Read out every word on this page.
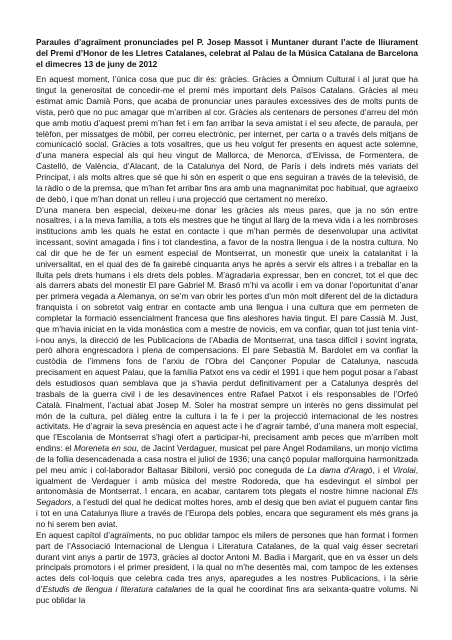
Paraules d’agraïment pronunciades pel P. Josep Massot i Muntaner durant l’acte de lliurament del Premi d’Honor de les Lletres Catalanes, celebrat al Palau de la Música Catalana de Barcelona el dimecres 13 de juny de 2012

En aquest moment, l’única cosa que puc dir és: gràcies. Gràcies a Òmnium Cultural i al jurat que ha tingut la generositat de concedir-me el premi més important dels Països Catalans. Gràcies al meu estimat amic Damià Pons, que acaba de pronunciar unes paraules excessives des de molts punts de vista, però que no puc amagar que m’arriben al cor. Gràcies als centenars de persones d’arreu del món que amb motiu d’aquest premi m’han fet i em fan arribar la seva amistat i el seu afecte, de paraula, per telèfon, per missatges de mòbil, per correu electrònic, per internet, per carta o a través dels mitjans de comunicació social. Gràcies a tots vosaltres, que us heu volgut fer presents en aquest acte solemne, d’una manera especial als qui heu vingut de Mallorca, de Menorca, d’Eivissa, de Formentera, de Castelló, de València, d’Alacant, de la Catalunya del Nord, de París i dels indrets més variats del Principat, i als molts altres que sé que hi són en esperit o que ens seguiran a través de la televisió, de la ràdio o de la premsa, que m’han fet arribar fins ara amb una magnanimitat poc habitual, que agraeixo de debò, i que m’han donat un relleu i una projecció que certament no mereixo.

D’una manera ben especial, deixeu-me donar les gràcies als meus pares, que ja no són entre nosaltres, i a la meva família, a tots els mestres que he tingut al llarg de la meva vida i a les nombroses institucions amb les quals he estat en contacte i que m’han permès de desenvolupar una activitat incessant, sovint amagada i fins i tot clandestina, a favor de la nostra llengua i de la nostra cultura. No cal dir que he de fer un esment especial de Montserrat, un monestir que uneix la catalanitat i la universalitat, en el qual des de fa gairebé cinquanta anys he après a servir els altres i a treballar en la lluita pels drets humans i els drets dels pobles. M’agradaria expressar, ben en concret, tot el que dec als darrers abats del monestir El pare Gabriel M. Brasó m’hi va acollir i em va donar l’oportunitat d’anar per primera vegada a Alemanya, on se’m van obrir les portes d’un món molt diferent del de la dictadura franquista i on sobretot vaig entrar en contacte amb una llengua i una cultura que em permeten de completar la formació essencialment francesa que fins aleshores havia tingut. El pare Cassià M. Just, que m’havia iniciat en la vida monàstica com a mestre de novicis, em va confiar, quan tot just tenia vint-i-nou anys, la direcció de les Publicacions de l’Abadia de Montserrat, una tasca difícil i sovint ingrata, però alhora engrescadora i plena de compensacions. El pare Sebastià M. Bardolet em va confiar la custòdia de l’immens fons de l’arxiu de l’Obra del Cançoner Popular de Catalunya, nascuda precisament en aquest Palau, que la família Patxot ens va cedir el 1991 i que hem pogut posar a l’abast dels estudiosos quan semblava que ja s’havia perdut definitivament per a Catalunya després del trasbals de la guerra civil i de les desavinences entre Rafael Patxot i els responsables de l’Orfeó Català. Finalment, l’actual abat Josep M. Soler ha mostrat sempre un interès no gens dissimulat pel món de la cultura, pel diàleg entre la cultura i la fe i per la projecció internacional de les nostres activitats. He d’agrair la seva presència en aquest acte i he d’agrair també, d’una manera molt especial, que l’Escolania de Montserrat s’hagi ofert a participar-hi, precisament amb peces que m’arriben molt endins: el Moreneta en sou, de Jacint Verdaguer, musicat pel pare Àngel Rodamilans, un monjo víctima de la follia desencadenada a casa nostra el juliol de 1936; una cançó popular mallorquina harmonitzada pel meu amic i col·laborador Baltasar Bibiloni, versió poc coneguda de La dama d’Aragó, i el Virolai, igualment de Verdaguer i amb música del mestre Rodoreda, que ha esdevingut el símbol per antonomàsia de Montserrat. I encara, en acabar, cantarem tots plegats el nostre himne nacional Els Segadors, a l’estudi del qual he dedicat moltes hores, amb el desig que ben aviat el puguem cantar fins i tot en una Catalunya lliure a través de l’Europa dels pobles, encara que segurament els més grans ja no hi serem ben aviat.

En aquest capítol d’agraïments, no puc oblidar tampoc els milers de persones que han format i formen part de l’Associació Internacional de Llengua i Literatura Catalanes, de la qual vaig ésser secretari durant vint anys a partir de 1973, gràcies al doctor Antoni M. Badia i Margarit, que en va ésser un dels principals promotors i el primer president, i la qual no m’he desentès mai, com tampoc de les extenses actes dels col·loquis que celebra cada tres anys, aparegudes a les nostres Publicacions, i la sèrie d’Estudis de llengua i literatura catalanes de la qual he coordinat fins ara seixanta-quatre volums. Ni puc oblidar la
